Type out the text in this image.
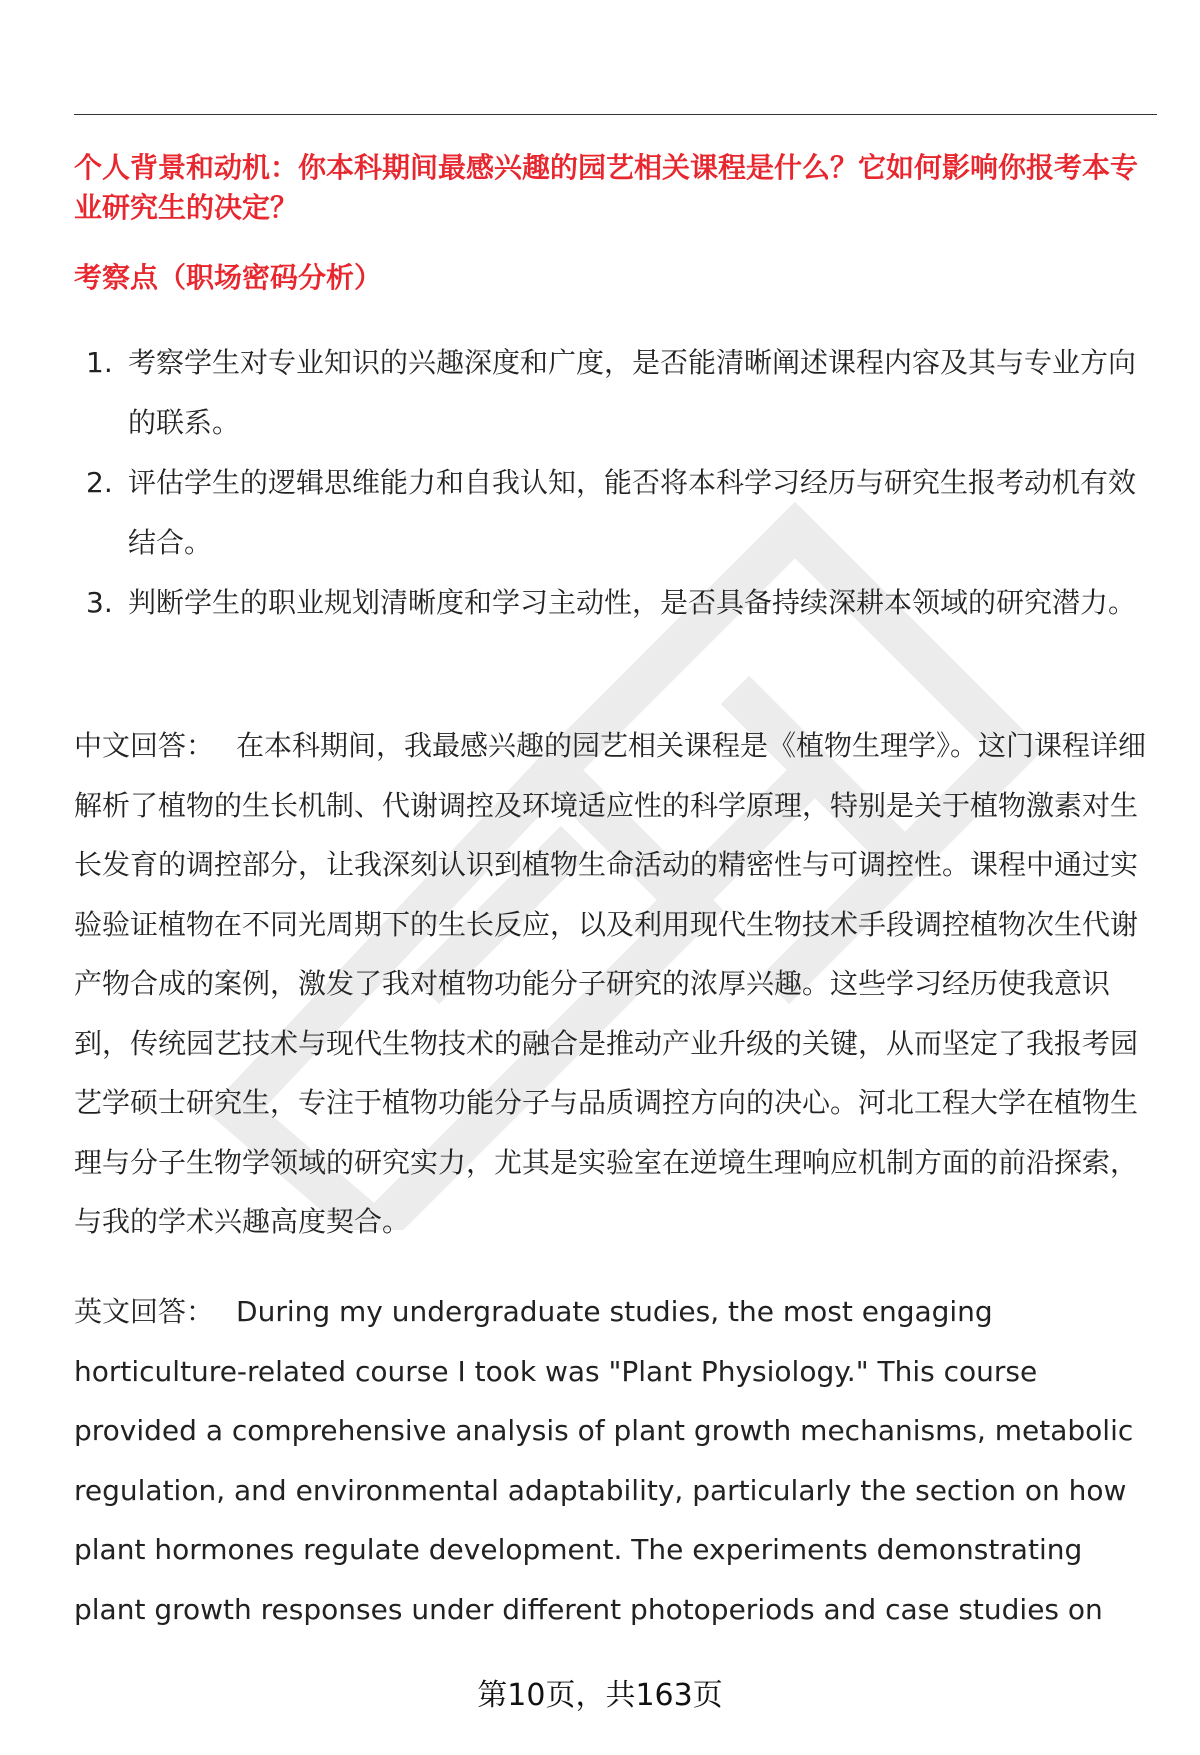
个人背景和动机：你本科期间最感兴趣的园艺相关课程是什么？它如何影响你报考本专业研究生的决定？

考察点（职场密码分析）

1. 考察学生对专业知识的兴趣深度和广度，是否能清晰阐述课程内容及其与专业方向的联系。
2. 评估学生的逻辑思维能力和自我认知，能否将本科学习经历与研究生报考动机有效结合。
3. 判断学生的职业规划清晰度和学习主动性，是否具备持续深耕本领域的研究潜力。

中文回答： 在本科期间，我最感兴趣的园艺相关课程是《植物生理学》。这门课程详细解析了植物的生长机制、代谢调控及环境适应性的科学原理，特别是关于植物激素对生长发育的调控部分，让我深刻认识到植物生命活动的精密性与可调控性。课程中通过实验验证植物在不同光周期下的生长反应，以及利用现代生物技术手段调控植物次生代谢产物合成的案例，激发了我对植物功能分子研究的浓厚兴趣。这些学习经历使我意识到，传统园艺技术与现代生物技术的融合是推动产业升级的关键，从而坚定了我报考园艺学硕士研究生，专注于植物功能分子与品质调控方向的决心。河北工程大学在植物生理与分子生物学领域的研究实力，尤其是实验室在逆境生理响应机制方面的前沿探索，与我的学术兴趣高度契合。

英文回答： During my undergraduate studies, the most engaging horticulture-related course I took was "Plant Physiology." This course provided a comprehensive analysis of plant growth mechanisms, metabolic regulation, and environmental adaptability, particularly the section on how plant hormones regulate development. The experiments demonstrating plant growth responses under different photoperiods and case studies on

第10页，共163页
